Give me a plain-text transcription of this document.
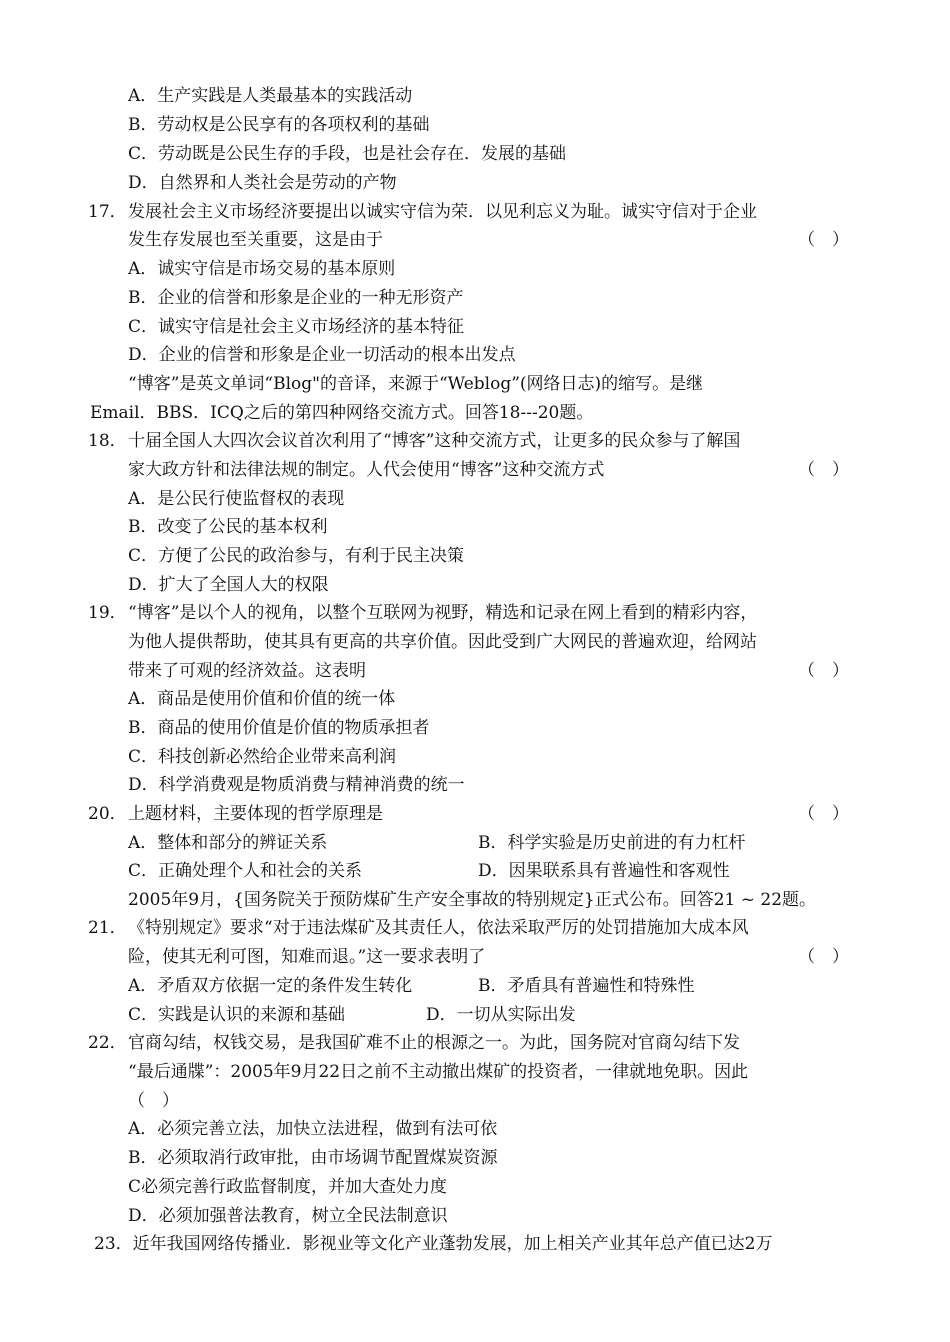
A．生产实践是人类最基本的实践活动
B．劳动权是公民享有的各项权利的基础
C．劳动既是公民生存的手段，也是社会存在．发展的基础
D．自然界和人类社会是劳动的产物
17． 发展社会主义市场经济要提出以诚实守信为荣．以见利忘义为耻。诚实守信对于企业
发生存发展也至关重要，这是由于	（　）
A．诚实守信是市场交易的基本原则
B．企业的信誉和形象是企业的一种无形资产
C．诚实守信是社会主义市场经济的基本特征
D．企业的信誉和形象是企业一切活动的根本出发点
“博客”是英文单词“Blog"的音译，来源于“Weblog”(网络日志)的缩写。是继
Email．BBS．ICQ之后的第四种网络交流方式。回答18---20题。
18． 十届全国人大四次会议首次利用了“博客”这种交流方式，让更多的民众参与了解国
家大政方针和法律法规的制定。人代会使用“博客”这种交流方式	（　）
A．是公民行使监督权的表现
B．改变了公民的基本权利
C．方便了公民的政治参与，有利于民主决策
D．扩大了全国人大的权限
19． “博客”是以个人的视角，以整个互联网为视野，精选和记录在网上看到的精彩内容，
为他人提供帮助，使其具有更高的共享价值。因此受到广大网民的普遍欢迎，给网站
带来了可观的经济效益。这表明	（　）
A．商品是使用价值和价值的统一体
B．商品的使用价值是价值的物质承担者
C．科技创新必然给企业带来高利润
D．科学消费观是物质消费与精神消费的统一
20． 上题材料，主要体现的哲学原理是	（　）
A．整体和部分的辨证关系	B．科学实验是历史前进的有力杠杆
C．正确处理个人和社会的关系	D．因果联系具有普遍性和客观性
2005年9月，{国务院关于预防煤矿生产安全事故的特别规定}正式公布。回答21 ~ 22题。
21． 《特别规定》要求“对于违法煤矿及其责任人，依法采取严厉的处罚措施加大成本风
险，使其无利可图，知难而退。”这一要求表明了	（　）
A．矛盾双方依据一定的条件发生转化	B．矛盾具有普遍性和特殊性
C．实践是认识的来源和基础	D．一切从实际出发
22． 官商勾结，权钱交易，是我国矿难不止的根源之一。为此，国务院对官商勾结下发
“最后通牒”：2005年9月22日之前不主动撤出煤矿的投资者，一律就地免职。因此
（　）
A．必须完善立法，加快立法进程，做到有法可依
B．必须取消行政审批，由市场调节配置煤炭资源
C必须完善行政监督制度，并加大查处力度
D．必须加强普法教育，树立全民法制意识
23．近年我国网络传播业．影视业等文化产业蓬勃发展，加上相关产业其年总产值已达2万
